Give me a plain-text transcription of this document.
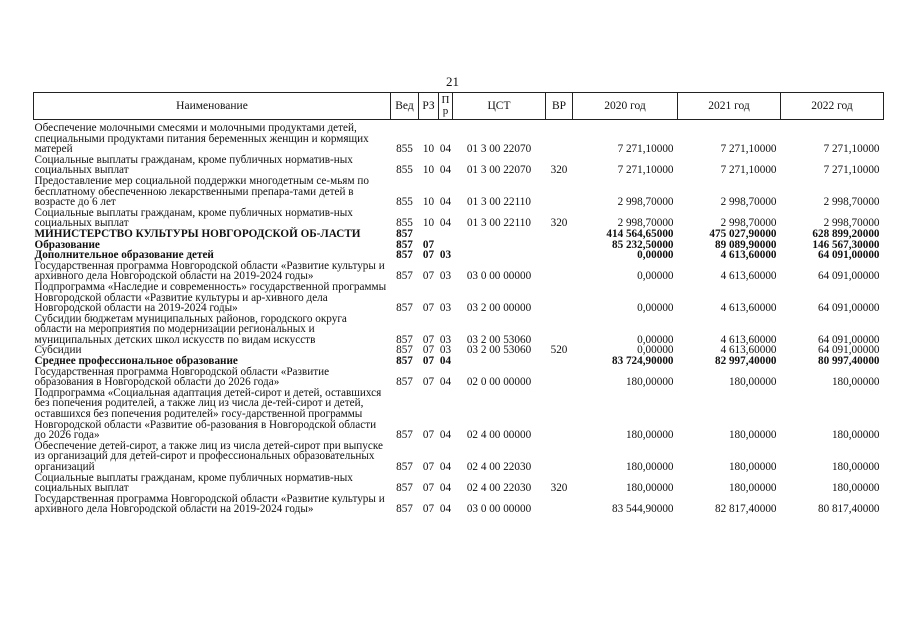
21
Наименование	Вед	РЗ	П р	ЦСТ	ВР	2020 год	2021 год	2022 год
Обеспечение молочными смесями и молочными продуктами детей, специальными продуктами питания беременных женщин и кормящих матерей	855	10	04	01 3 00 22070		7 271,10000	7 271,10000	7 271,10000
Социальные выплаты гражданам, кроме публичных норматив-ных социальных выплат	855	10	04	01 3 00 22070	320	7 271,10000	7 271,10000	7 271,10000
Предоставление мер социальной поддержки многодетным се-мьям по бесплатному обеспеченною лекарственными препара-тами детей в возрасте до 6 лет	855	10	04	01 3 00 22110		2 998,70000	2 998,70000	2 998,70000
Социальные выплаты гражданам, кроме публичных норматив-ных социальных выплат	855	10	04	01 3 00 22110	320	2 998,70000	2 998,70000	2 998,70000
МИНИСТЕРСТВО КУЛЬТУРЫ НОВГОРОДСКОЙ ОБ-ЛАСТИ	857					414 564,65000	475 027,90000	628 899,20000
Образование	857	07				85 232,50000	89 089,90000	146 567,30000
Дополнительное образование детей	857	07	03			0,00000	4 613,60000	64 091,00000
Государственная программа Новгородской области «Развитие культуры и архивного дела Новгородской области на 2019-2024 годы»	857	07	03	03 0 00 00000		0,00000	4 613,60000	64 091,00000
Подпрограмма «Наследие и современность» государственной программы Новгородской области «Развитие культуры и ар-хивного дела Новгородской области на 2019-2024 годы»	857	07	03	03 2 00 00000		0,00000	4 613,60000	64 091,00000
Субсидии бюджетам муниципальных районов, городского округа области на мероприятия по модернизации региональных и муниципальных детских школ искусств по видам искусств	857	07	03	03 2 00 53060		0,00000	4 613,60000	64 091,00000
Субсидии	857	07	03	03 2 00 53060	520	0,00000	4 613,60000	64 091,00000
Среднее профессиональное образование	857	07	04			83 724,90000	82 997,40000	80 997,40000
Государственная программа Новгородской области «Развитие образования в Новгородской области до 2026 года»	857	07	04	02 0 00 00000		180,00000	180,00000	180,00000
Подпрограмма «Социальная адаптация детей-сирот и детей, оставшихся без попечения родителей, а также лиц из числа де-тей-сирот и детей, оставшихся без попечения родителей» госу-дарственной программы Новгородской области «Развитие об-разования в Новгородской области до 2026 года»	857	07	04	02 4 00 00000		180,00000	180,00000	180,00000
Обеспечение детей-сирот, а также лиц из числа детей-сирот при выпуске из организаций для детей-сирот и профессиональных образовательных организаций	857	07	04	02 4 00 22030		180,00000	180,00000	180,00000
Социальные выплаты гражданам, кроме публичных норматив-ных социальных выплат	857	07	04	02 4 00 22030	320	180,00000	180,00000	180,00000
Государственная программа Новгородской области «Развитие культуры и архивного дела Новгородской области на 2019-2024 годы»	857	07	04	03 0 00 00000		83 544,90000	82 817,40000	80 817,40000
